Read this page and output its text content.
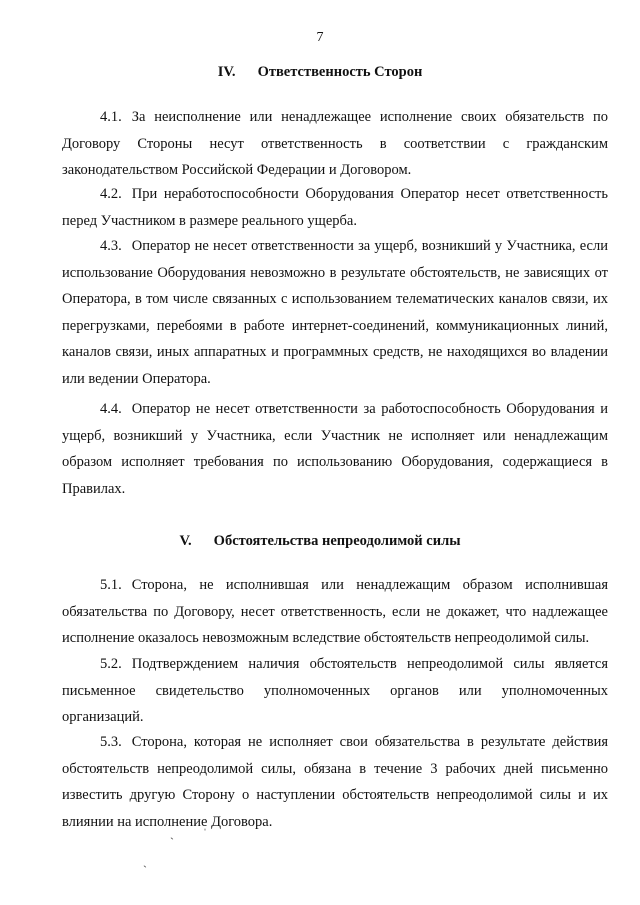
7
IV. Ответственность Сторон
4.1. За неисполнение или ненадлежащее исполнение своих обязательств по Договору Стороны несут ответственность в соответствии с гражданским законодательством Российской Федерации и Договором.
4.2. При неработоспособности Оборудования Оператор несет ответственность перед Участником в размере реального ущерба.
4.3. Оператор не несет ответственности за ущерб, возникший у Участника, если использование Оборудования невозможно в результате обстоятельств, не зависящих от Оператора, в том числе связанных с использованием телематических каналов связи, их перегрузками, перебоями в работе интернет-соединений, коммуникационных линий, каналов связи, иных аппаратных и программных средств, не находящихся во владении или ведении Оператора.
4.4. Оператор не несет ответственности за работоспособность Оборудования и ущерб, возникший у Участника, если Участник не исполняет или ненадлежащим образом исполняет требования по использованию Оборудования, содержащиеся в Правилах.
V. Обстоятельства непреодолимой силы
5.1. Сторона, не исполнившая или ненадлежащим образом исполнившая обязательства по Договору, несет ответственность, если не докажет, что надлежащее исполнение оказалось невозможным вследствие обстоятельств непреодолимой силы.
5.2. Подтверждением наличия обстоятельств непреодолимой силы является письменное свидетельство уполномоченных органов или уполномоченных организаций.
5.3. Сторона, которая не исполняет свои обязательства в результате действия обстоятельств непреодолимой силы, обязана в течение 3 рабочих дней письменно известить другую Сторону о наступлении обстоятельств непреодолимой силы и их влиянии на исполнение Договора.
ˎ ˈ
ˎ
